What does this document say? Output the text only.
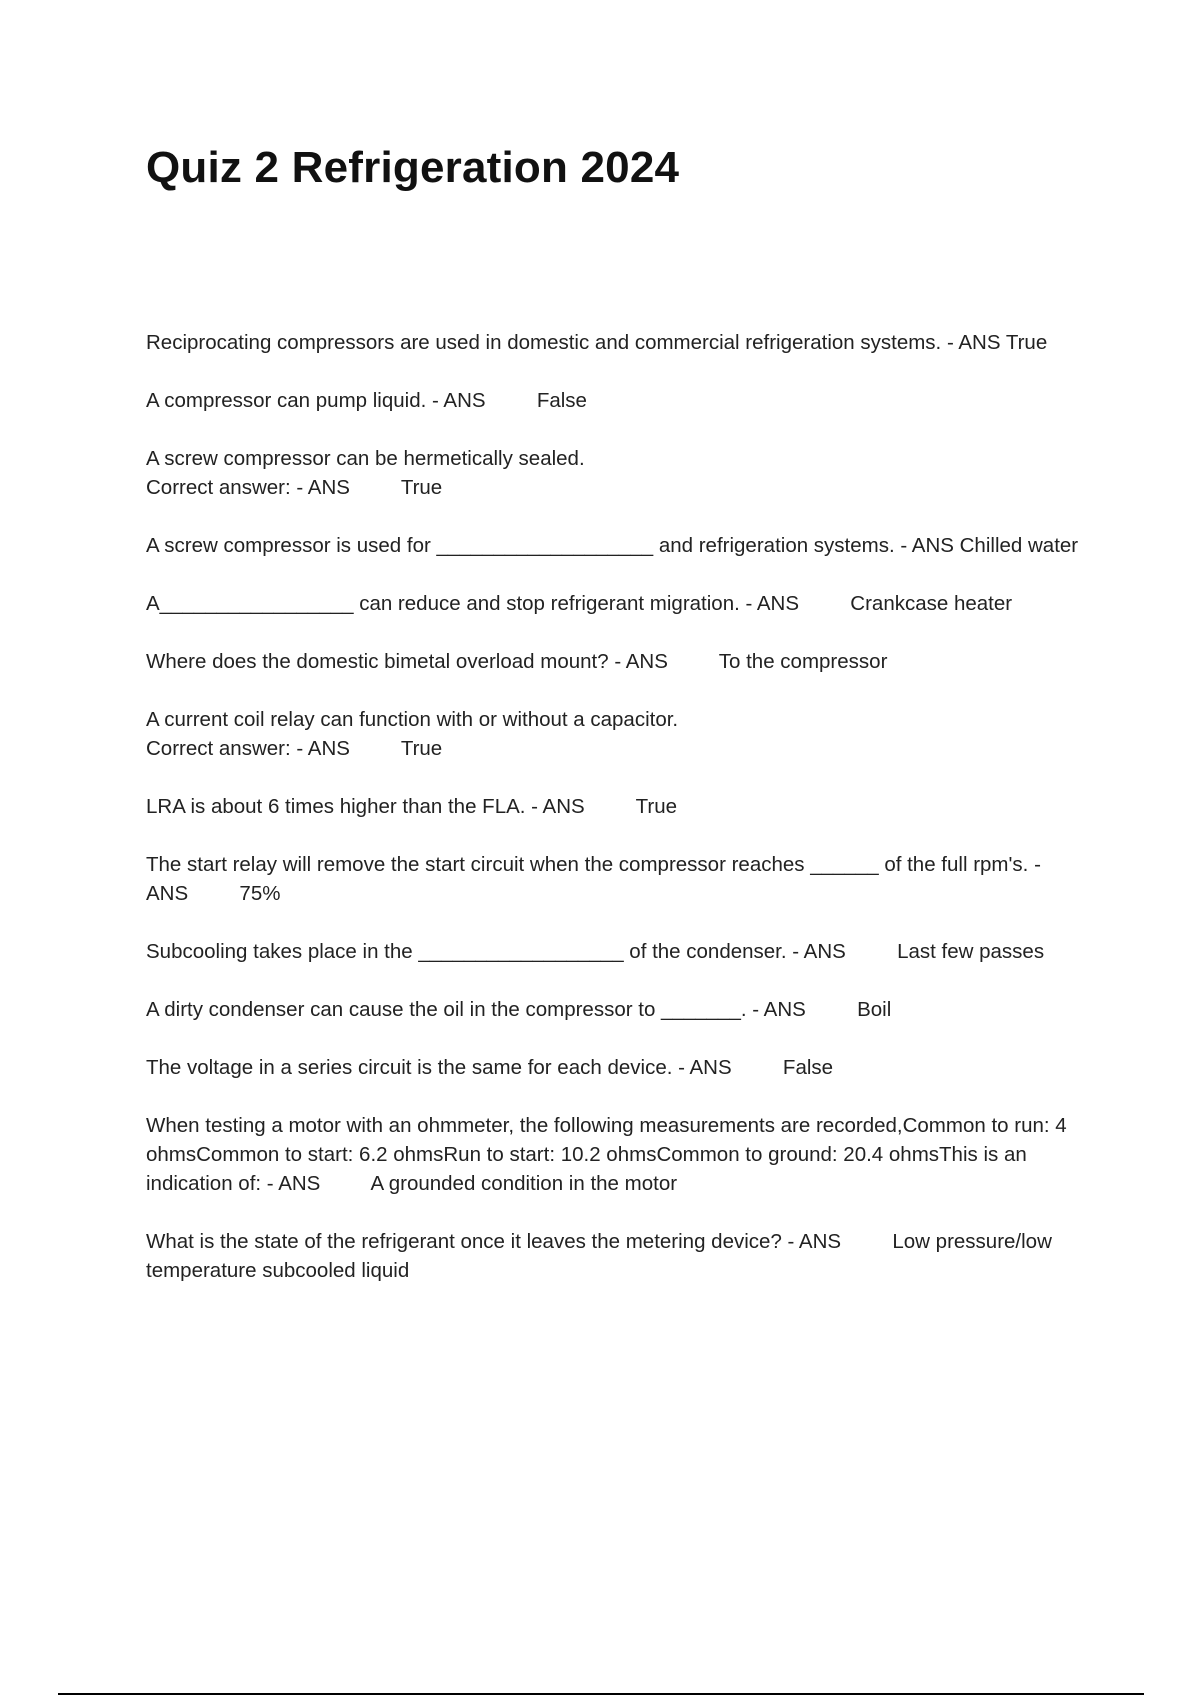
Quiz 2 Refrigeration 2024
Reciprocating compressors are used in domestic and commercial refrigeration systems. - ANS True
A compressor can pump liquid. - ANS         False
A screw compressor can be hermetically sealed.
Correct answer: - ANS         True
A screw compressor is used for ___________________ and refrigeration systems. - ANS Chilled water
A_________________ can reduce and stop refrigerant migration. - ANS         Crankcase heater
Where does the domestic bimetal overload mount? - ANS         To the compressor
A current coil relay can function with or without a capacitor.
Correct answer: - ANS         True
LRA is about 6 times higher than the FLA. - ANS         True
The start relay will remove the start circuit when the compressor reaches ______ of the full rpm's. - ANS         75%
Subcooling takes place in the __________________ of the condenser. - ANS         Last few passes
A dirty condenser can cause the oil in the compressor to _______. - ANS         Boil
The voltage in a series circuit is the same for each device. - ANS         False
When testing a motor with an ohmmeter, the following measurements are recorded,Common to run: 4 ohmsCommon to start: 6.2 ohmsRun to start: 10.2 ohmsCommon to ground: 20.4 ohmsThis is an indication of: - ANS         A grounded condition in the motor
What is the state of the refrigerant once it leaves the metering device? - ANS         Low pressure/low temperature subcooled liquid
